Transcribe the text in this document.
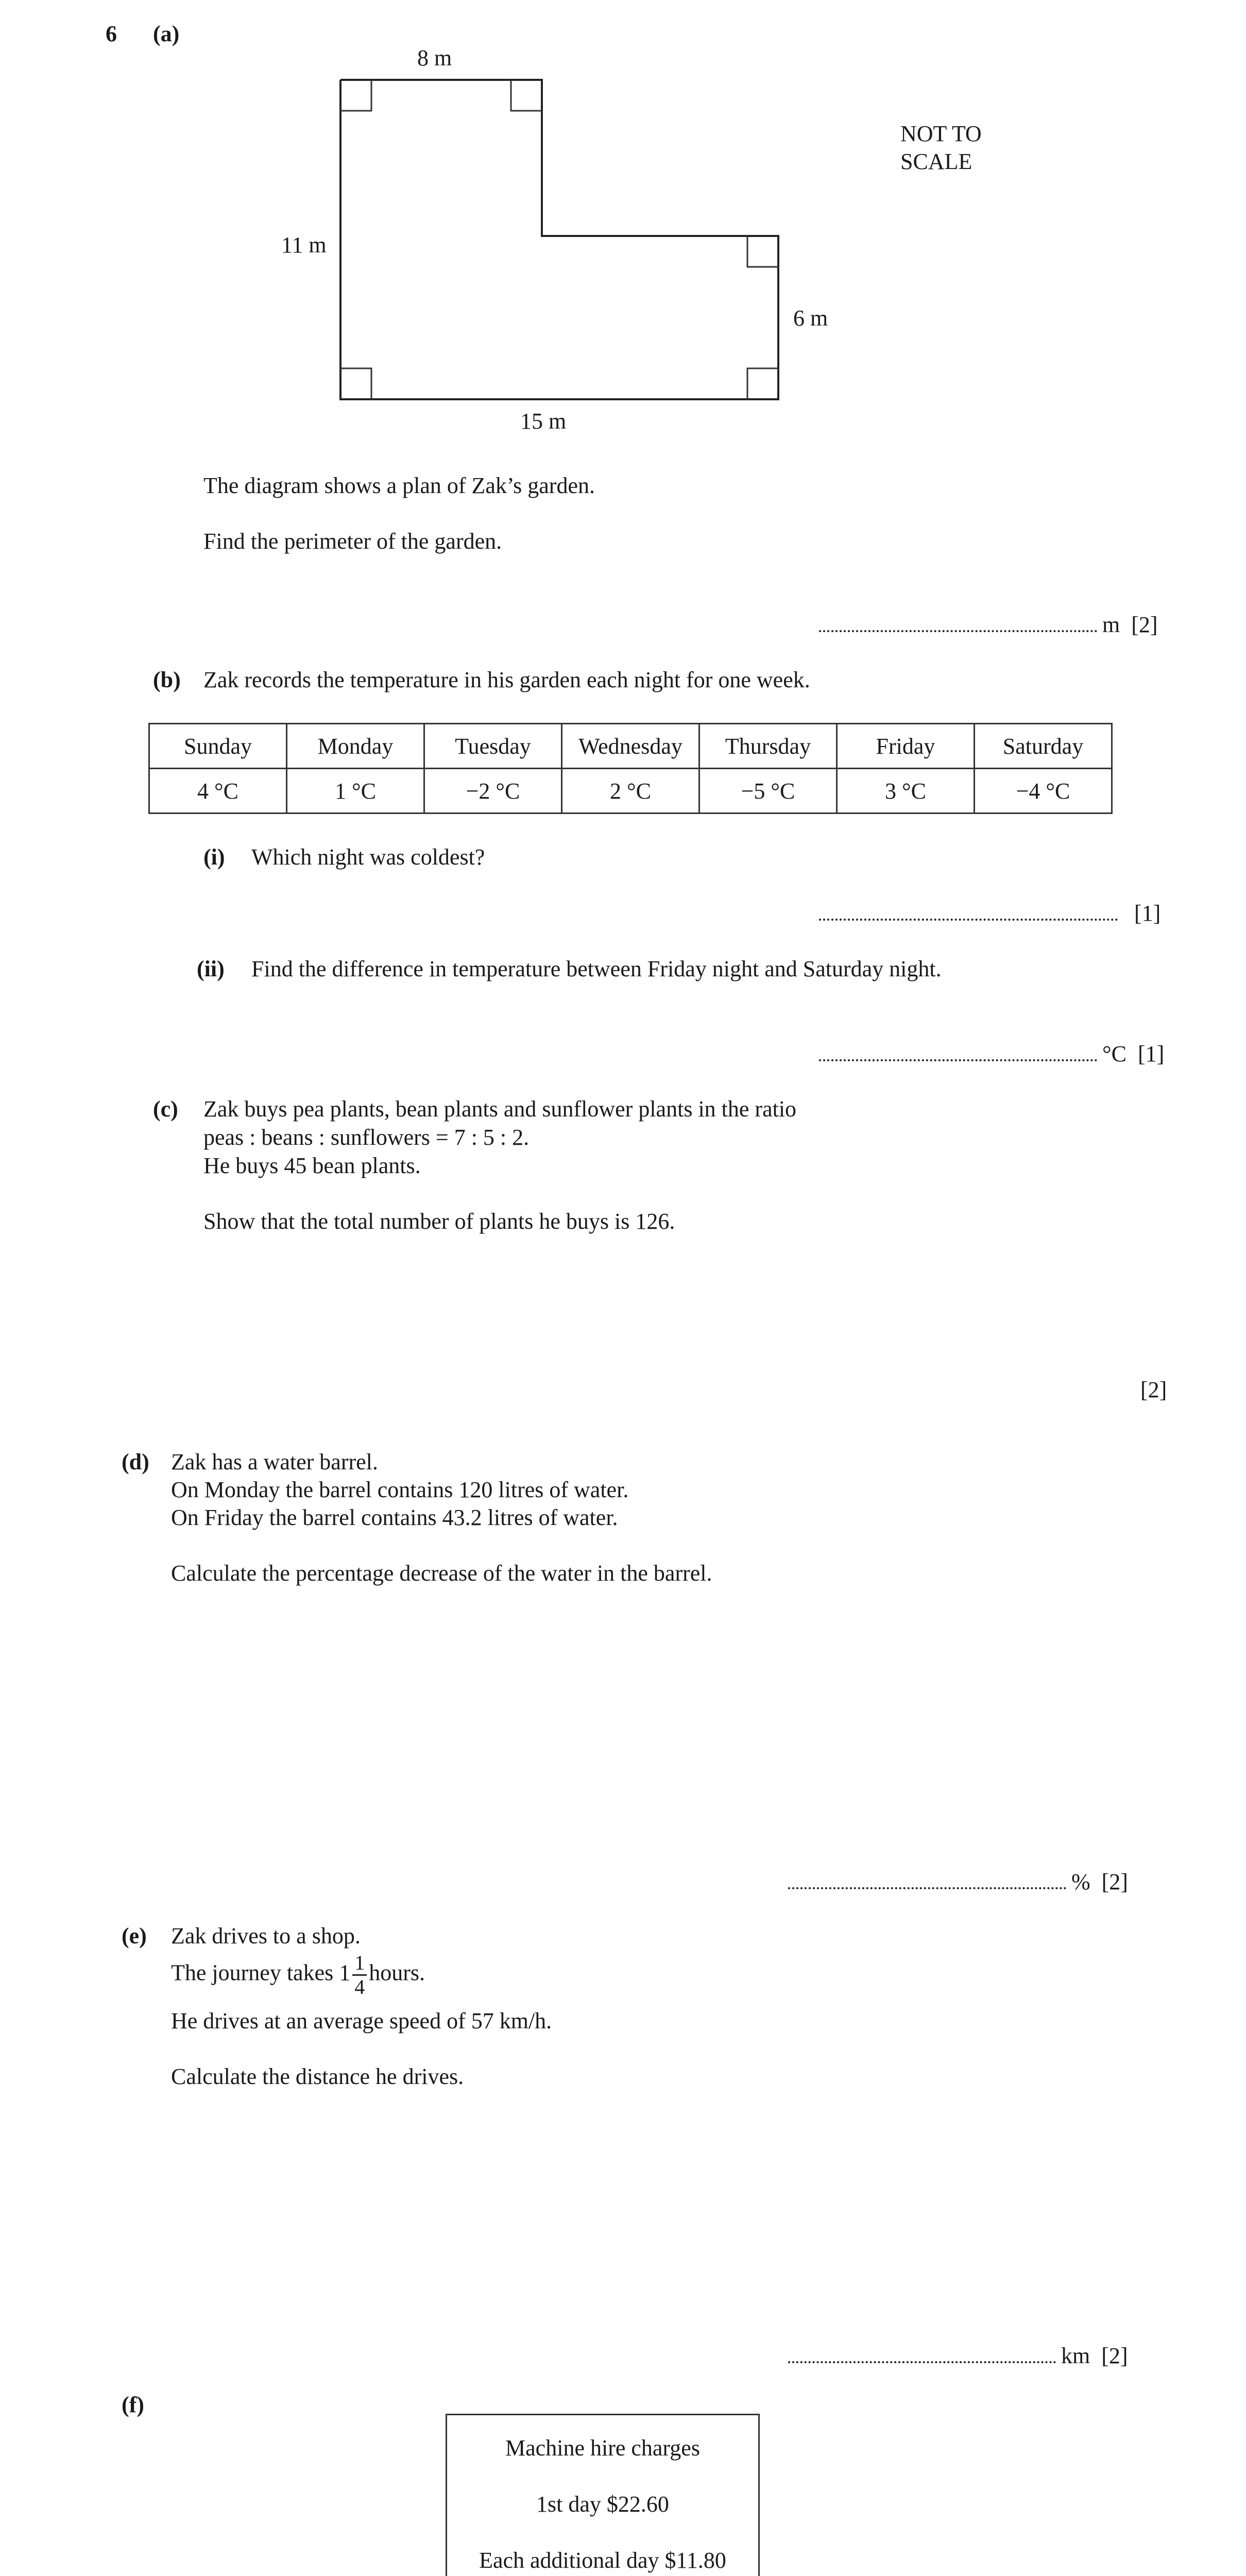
6 (a)
8 m
11 m
6 m
15 m
NOT TO
SCALE
The diagram shows a plan of Zak’s garden.
Find the perimeter of the garden.
m [2]
(b) Zak records the temperature in his garden each night for one week.
Sunday	Monday	Tuesday	Wednesday	Thursday	Friday	Saturday
4 °C	1 °C	−2 °C	2 °C	−5 °C	3 °C	−4 °C
(i) Which night was coldest?
[1]
(ii) Find the difference in temperature between Friday night and Saturday night.
°C [1]
(c) Zak buys pea plants, bean plants and sunflower plants in the ratio
peas : beans : sunflowers = 7 : 5 : 2.
He buys 45 bean plants.
Show that the total number of plants he buys is 126.
[2]
(d) Zak has a water barrel.
On Monday the barrel contains 120 litres of water.
On Friday the barrel contains 43.2 litres of water.
Calculate the percentage decrease of the water in the barrel.
% [2]
(e) Zak drives to a shop.
The journey takes $1 \frac{1}{4}$ hours.
He drives at an average speed of 57 km/h.
Calculate the distance he drives.
km [2]
(f)
Machine hire charges
1st day $22.60
Each additional day $11.80
